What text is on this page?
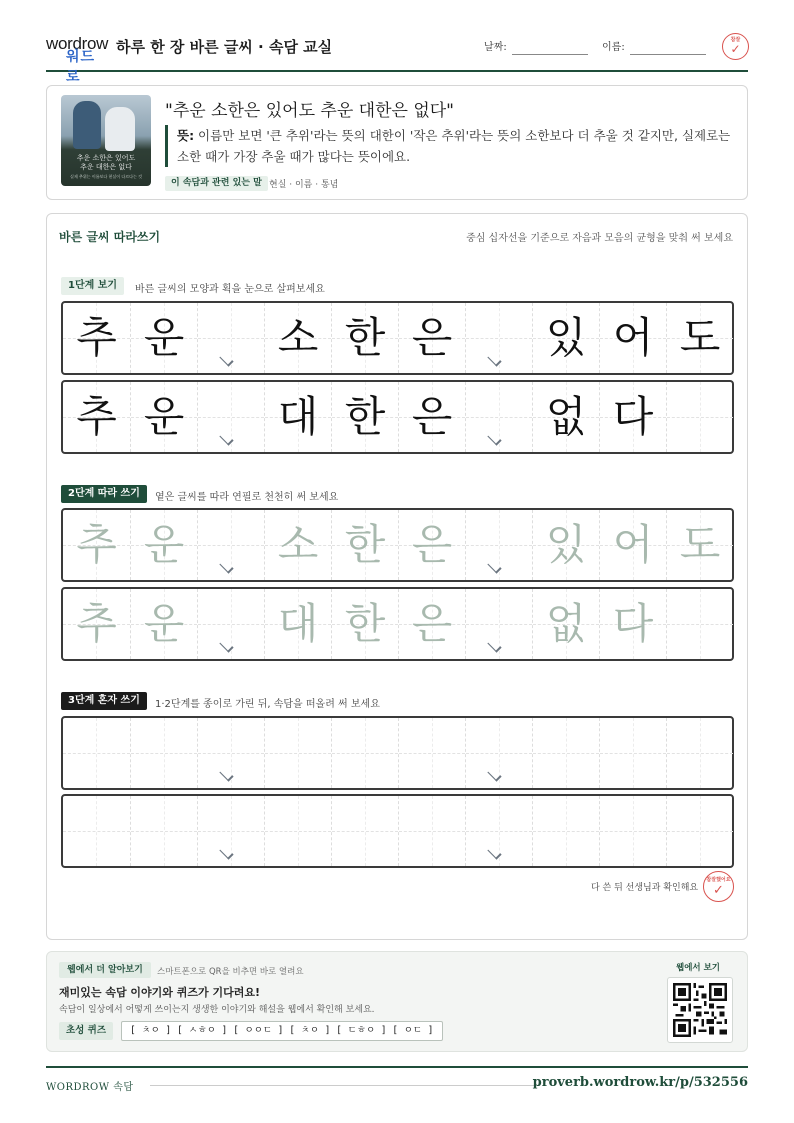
wordrow
워드로
하루 한 장 바른 글씨 · 속담 교실	날짜:	이름:
참잘
✓
추운 소한은 있어도
추운 대한은 없다
실제 추위는 이름보다 현실이 다르다는 것
"추운 소한은 있어도 추운 대한은 없다"
뜻: 이름만 보면 '큰 추위'라는 뜻의 대한이 '작은 추위'라는 뜻의 소한보다 더 추울 것 같지만, 실제로는 소한 때가 가장 추울 때가 많다는 뜻이에요.
이 속담과 관련 있는 말 현실 · 이름 · 통념
바른 글씨 따라쓰기	중심 십자선을 기준으로 자음과 모음의 균형을 맞춰 써 보세요
1단계 보기	바른 글씨의 모양과 획을 눈으로 살펴보세요
추 운	소 한 은	있 어 도
추 운	대 한 은	없 다
2단계 따라 쓰기	옅은 글씨를 따라 연필로 천천히 써 보세요
추 운	소 한 은	있 어 도
추 운	대 한 은	없 다
3단계 혼자 쓰기	1·2단계를 종이로 가린 뒤, 속담을 떠올려 써 보세요
다 쓴 뒤 선생님과 확인해요
참잘했어요
✓
웹에서 더 알아보기	스마트폰으로 QR을 비추면 바로 열려요
재미있는 속담 이야기와 퀴즈가 기다려요!
속담이 일상에서 어떻게 쓰이는지 생생한 이야기와 해설을 웹에서 확인해 보세요.
초성 퀴즈	[ ㅊㅇ ] [ ㅅㅎㅇ ] [ ㅇㅇㄷ ] [ ㅊㅇ ] [ ㄷㅎㅇ ] [ ㅇㄷ ]
웹에서 보기
WORDROW 속담	proverb.wordrow.kr/p/532556
